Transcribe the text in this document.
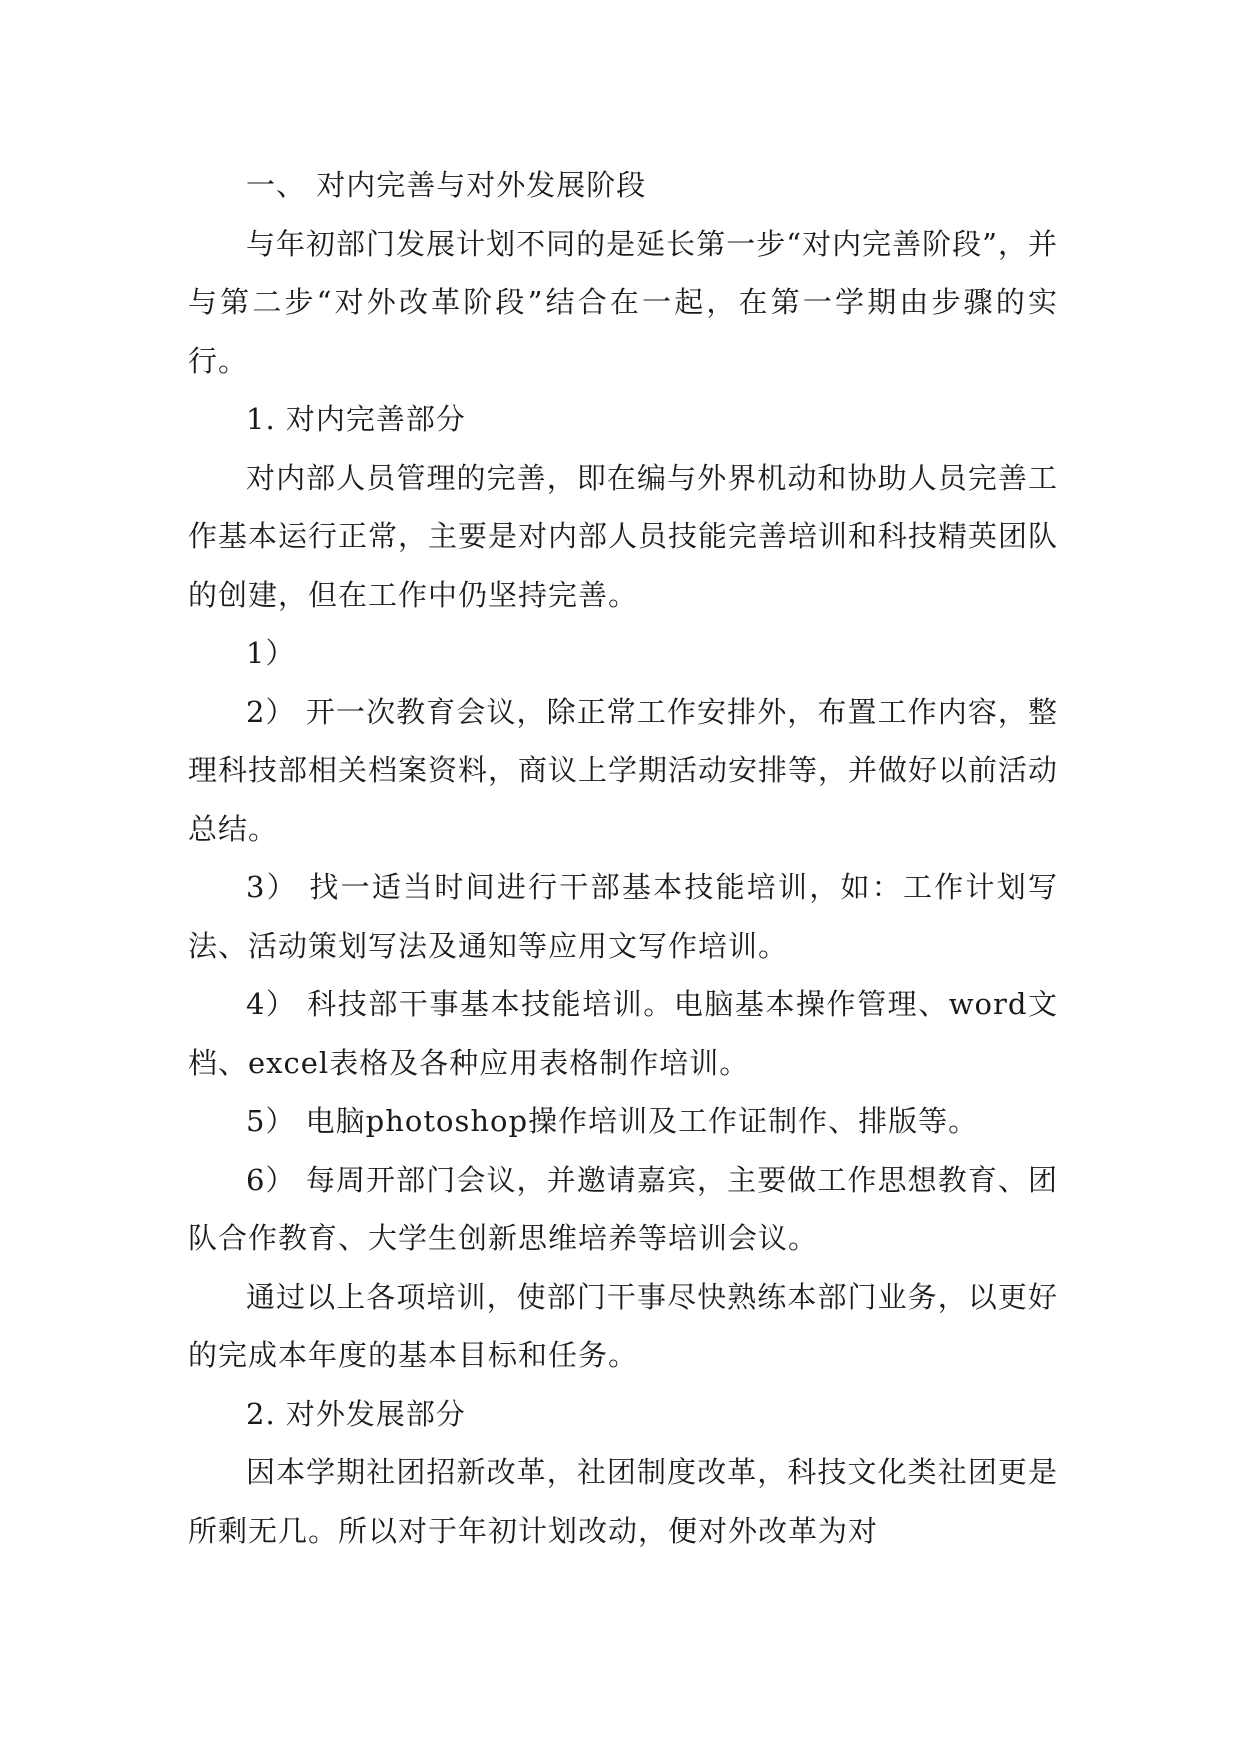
一、 对内完善与对外发展阶段

与年初部门发展计划不同的是延长第一步“对内完善阶段”，并与第二步“对外改革阶段”结合在一起，在第一学期由步骤的实行。

1. 对内完善部分

对内部人员管理的完善，即在编与外界机动和协助人员完善工作基本运行正常，主要是对内部人员技能完善培训和科技精英团队的创建，但在工作中仍坚持完善。

1）

2） 开一次教育会议，除正常工作安排外，布置工作内容，整理科技部相关档案资料，商议上学期活动安排等，并做好以前活动总结。

3） 找一适当时间进行干部基本技能培训，如：工作计划写法、活动策划写法及通知等应用文写作培训。

4） 科技部干事基本技能培训。电脑基本操作管理、word文档、excel表格及各种应用表格制作培训。

5） 电脑photoshop操作培训及工作证制作、排版等。

6） 每周开部门会议，并邀请嘉宾，主要做工作思想教育、团队合作教育、大学生创新思维培养等培训会议。

通过以上各项培训，使部门干事尽快熟练本部门业务，以更好的完成本年度的基本目标和任务。

2. 对外发展部分

因本学期社团招新改革，社团制度改革，科技文化类社团更是所剩无几。所以对于年初计划改动，便对外改革为对
